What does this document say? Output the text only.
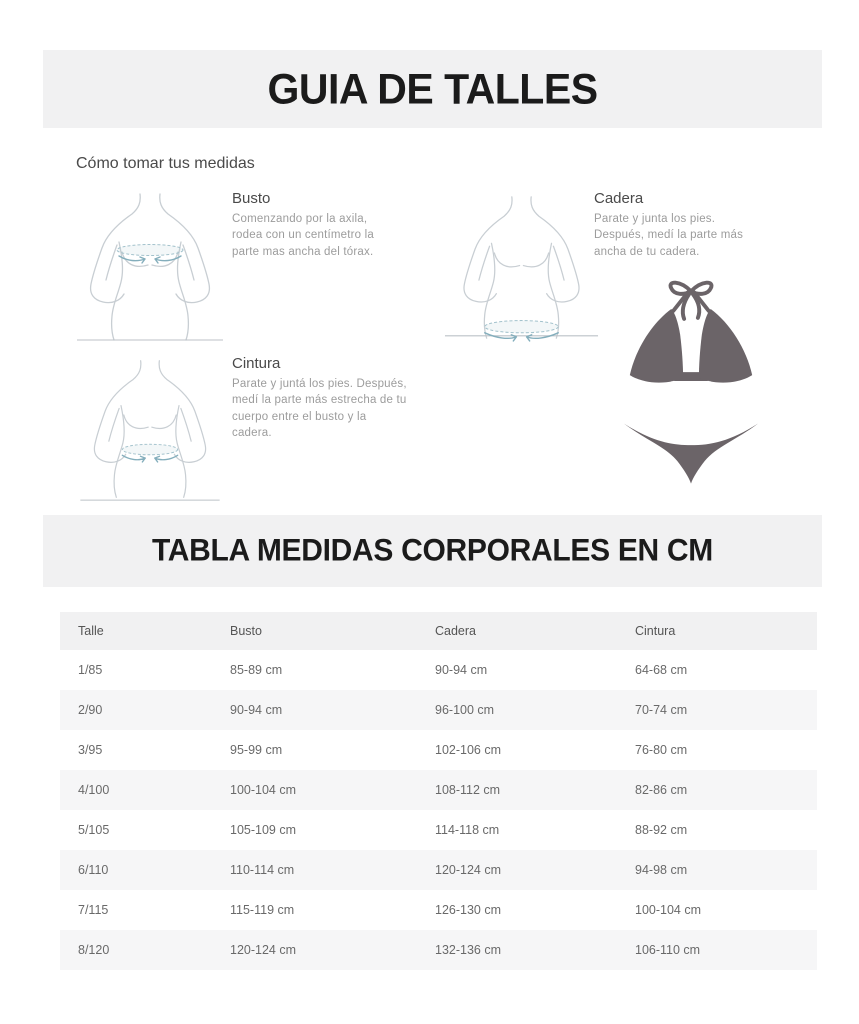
GUIA DE TALLES
Cómo tomar tus medidas

Busto

Comenzando por la axila, rodea con un centímetro la parte mas ancha del tórax.

Cadera

Parate y junta los pies. Después, medí la parte más ancha de tu cadera.

Cintura

Parate y juntá los pies. Después, medí la parte más estrecha de tu cuerpo entre el busto y la cadera.

TABLA MEDIDAS CORPORALES EN CM
Talle	Busto	Cadera	Cintura
1/85	85-89 cm	90-94 cm	64-68 cm
2/90	90-94 cm	96-100 cm	70-74 cm
3/95	95-99 cm	102-106 cm	76-80 cm
4/100	100-104 cm	108-112 cm	82-86 cm
5/105	105-109 cm	114-118 cm	88-92 cm
6/110	110-114 cm	120-124 cm	94-98 cm
7/115	115-119 cm	126-130 cm	100-104 cm
8/120	120-124 cm	132-136 cm	106-110 cm
